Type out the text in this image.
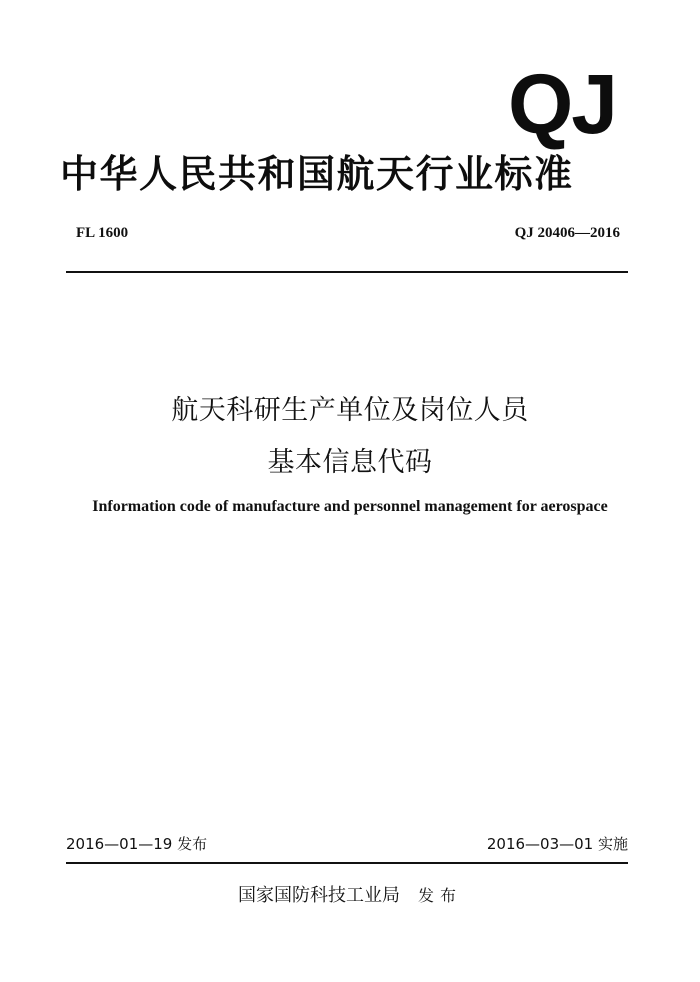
QJ
中华人民共和国航天行业标准
FL 1600	QJ 20406—2016
航天科研生产单位及岗位人员
基本信息代码
Information code of manufacture and personnel management for aerospace
2016—01—19 发布	2016—03—01 实施
国家国防科技工业局 发布
